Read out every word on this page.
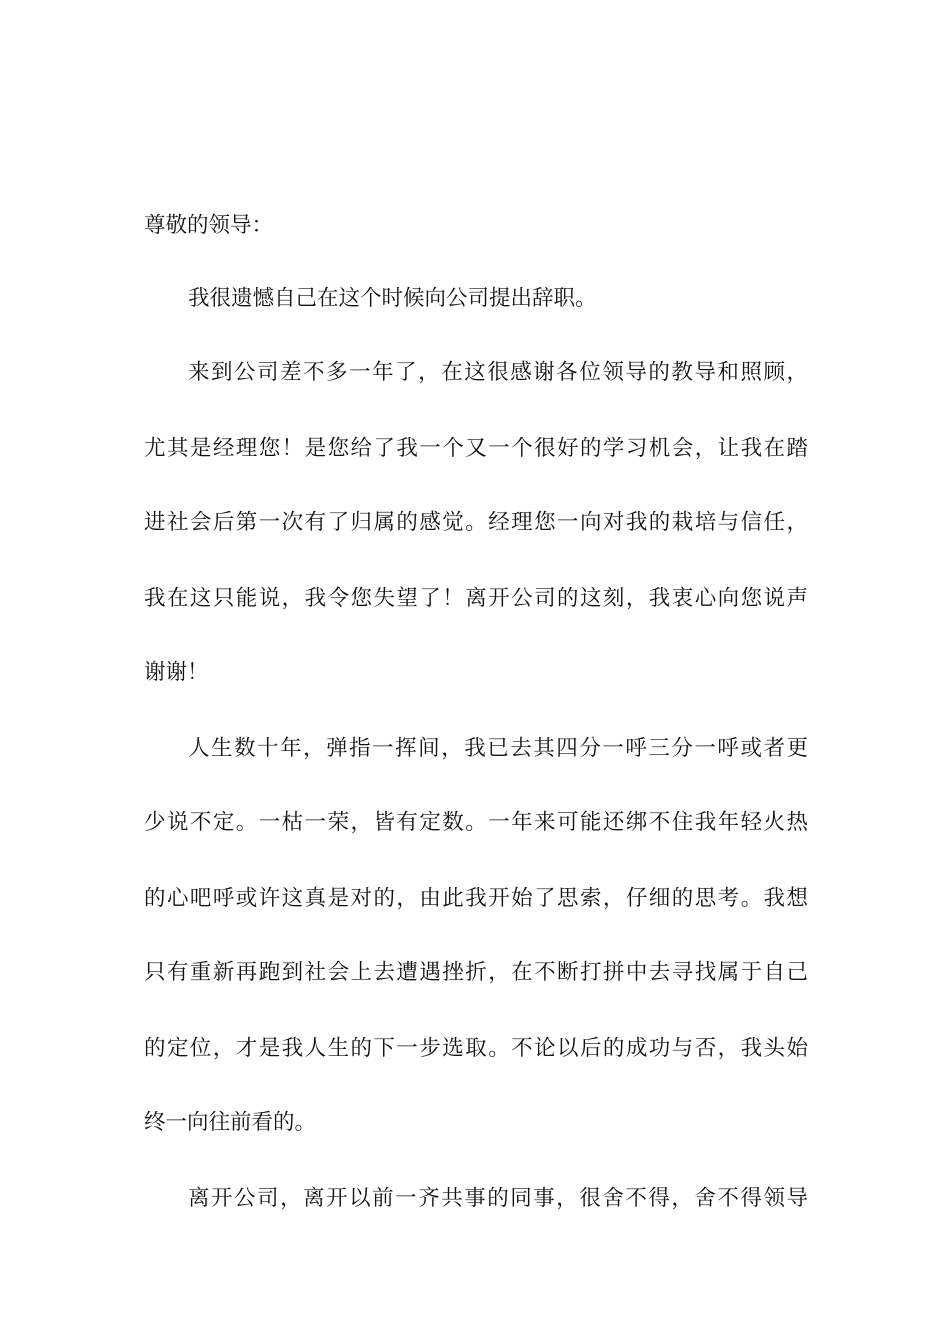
尊敬的领导：
我很遗憾自己在这个时候向公司提出辞职。
来到公司差不多一年了，在这很感谢各位领导的教导和照顾，
尤其是经理您！是您给了我一个又一个很好的学习机会，让我在踏
进社会后第一次有了归属的感觉。经理您一向对我的栽培与信任，
我在这只能说，我令您失望了！离开公司的这刻，我衷心向您说声
谢谢！
人生数十年，弹指一挥间，我已去其四分一呼三分一呼或者更
少说不定。一枯一荣，皆有定数。一年来可能还绑不住我年轻火热
的心吧呼或许这真是对的，由此我开始了思索，仔细的思考。我想
只有重新再跑到社会上去遭遇挫折，在不断打拼中去寻找属于自己
的定位，才是我人生的下一步选取。不论以后的成功与否，我头始
终一向往前看的。
离开公司，离开以前一齐共事的同事，很舍不得，舍不得领导
